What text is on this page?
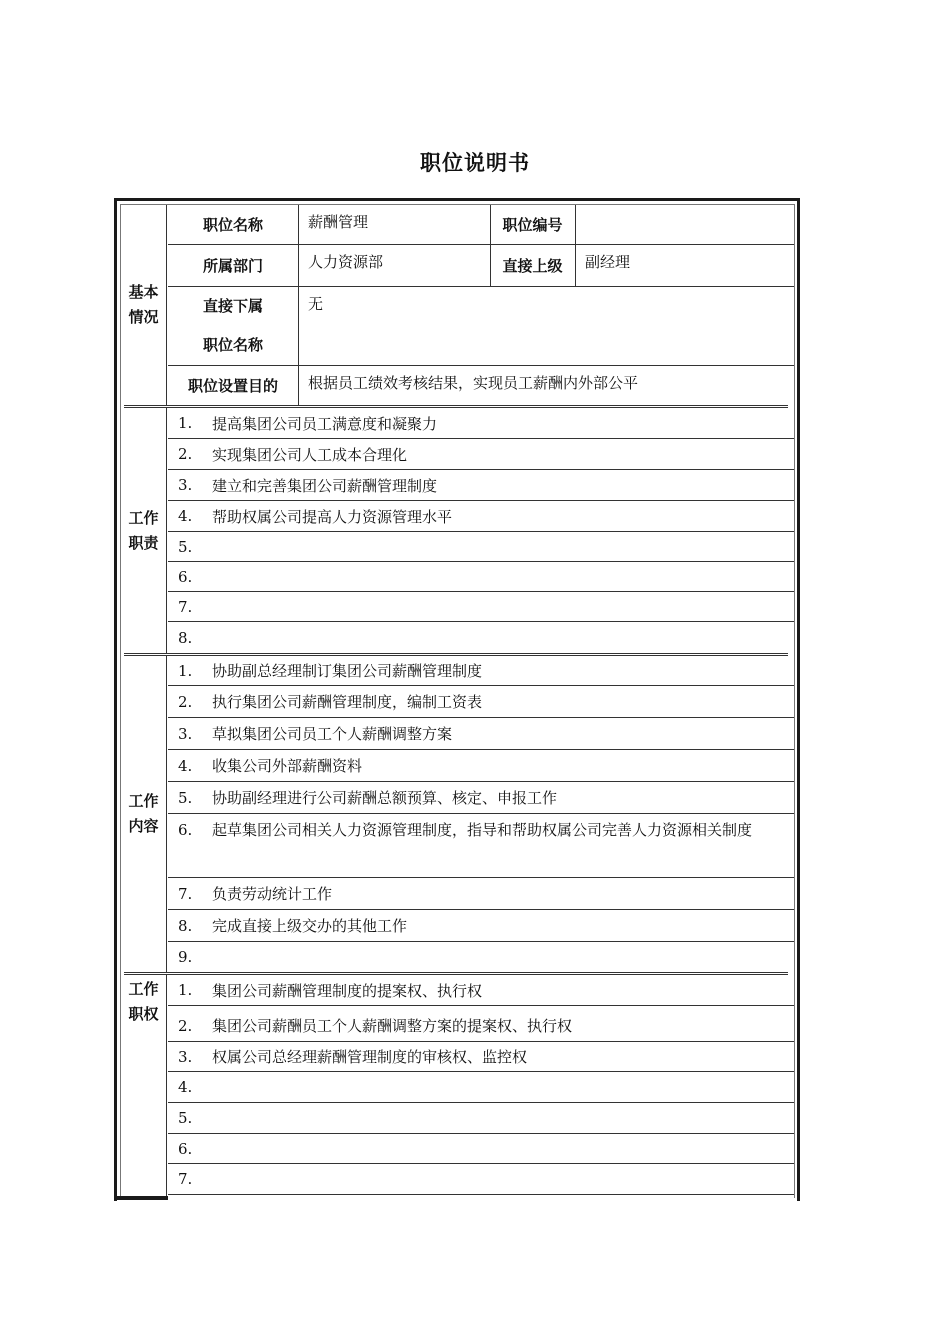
职位说明书
基本
情况
职位名称	薪酬管理	职位编号
所属部门	人力资源部	直接上级	副经理
直接下属
职位名称
无
职位设置目的	根据员工绩效考核结果，实现员工薪酬内外部公平
工作
职责
1.	提高集团公司员工满意度和凝聚力
2.	实现集团公司人工成本合理化
3.	建立和完善集团公司薪酬管理制度
4.	帮助权属公司提高人力资源管理水平
5.
6.
7.
8.
工作
内容
1.	协助副总经理制订集团公司薪酬管理制度
2.	执行集团公司薪酬管理制度，编制工资表
3.	草拟集团公司员工个人薪酬调整方案
4.	收集公司外部薪酬资料
5.	协助副经理进行公司薪酬总额预算、核定、申报工作
6. 起草集团公司相关人力资源管理制度，指导和帮助权属公司完善人力资源相关制度
7.	负责劳动统计工作
8.	完成直接上级交办的其他工作
9.
工作
职权
1.	集团公司薪酬管理制度的提案权、执行权
2.	集团公司薪酬员工个人薪酬调整方案的提案权、执行权
3.	权属公司总经理薪酬管理制度的审核权、监控权
4.
5.
6.
7.
